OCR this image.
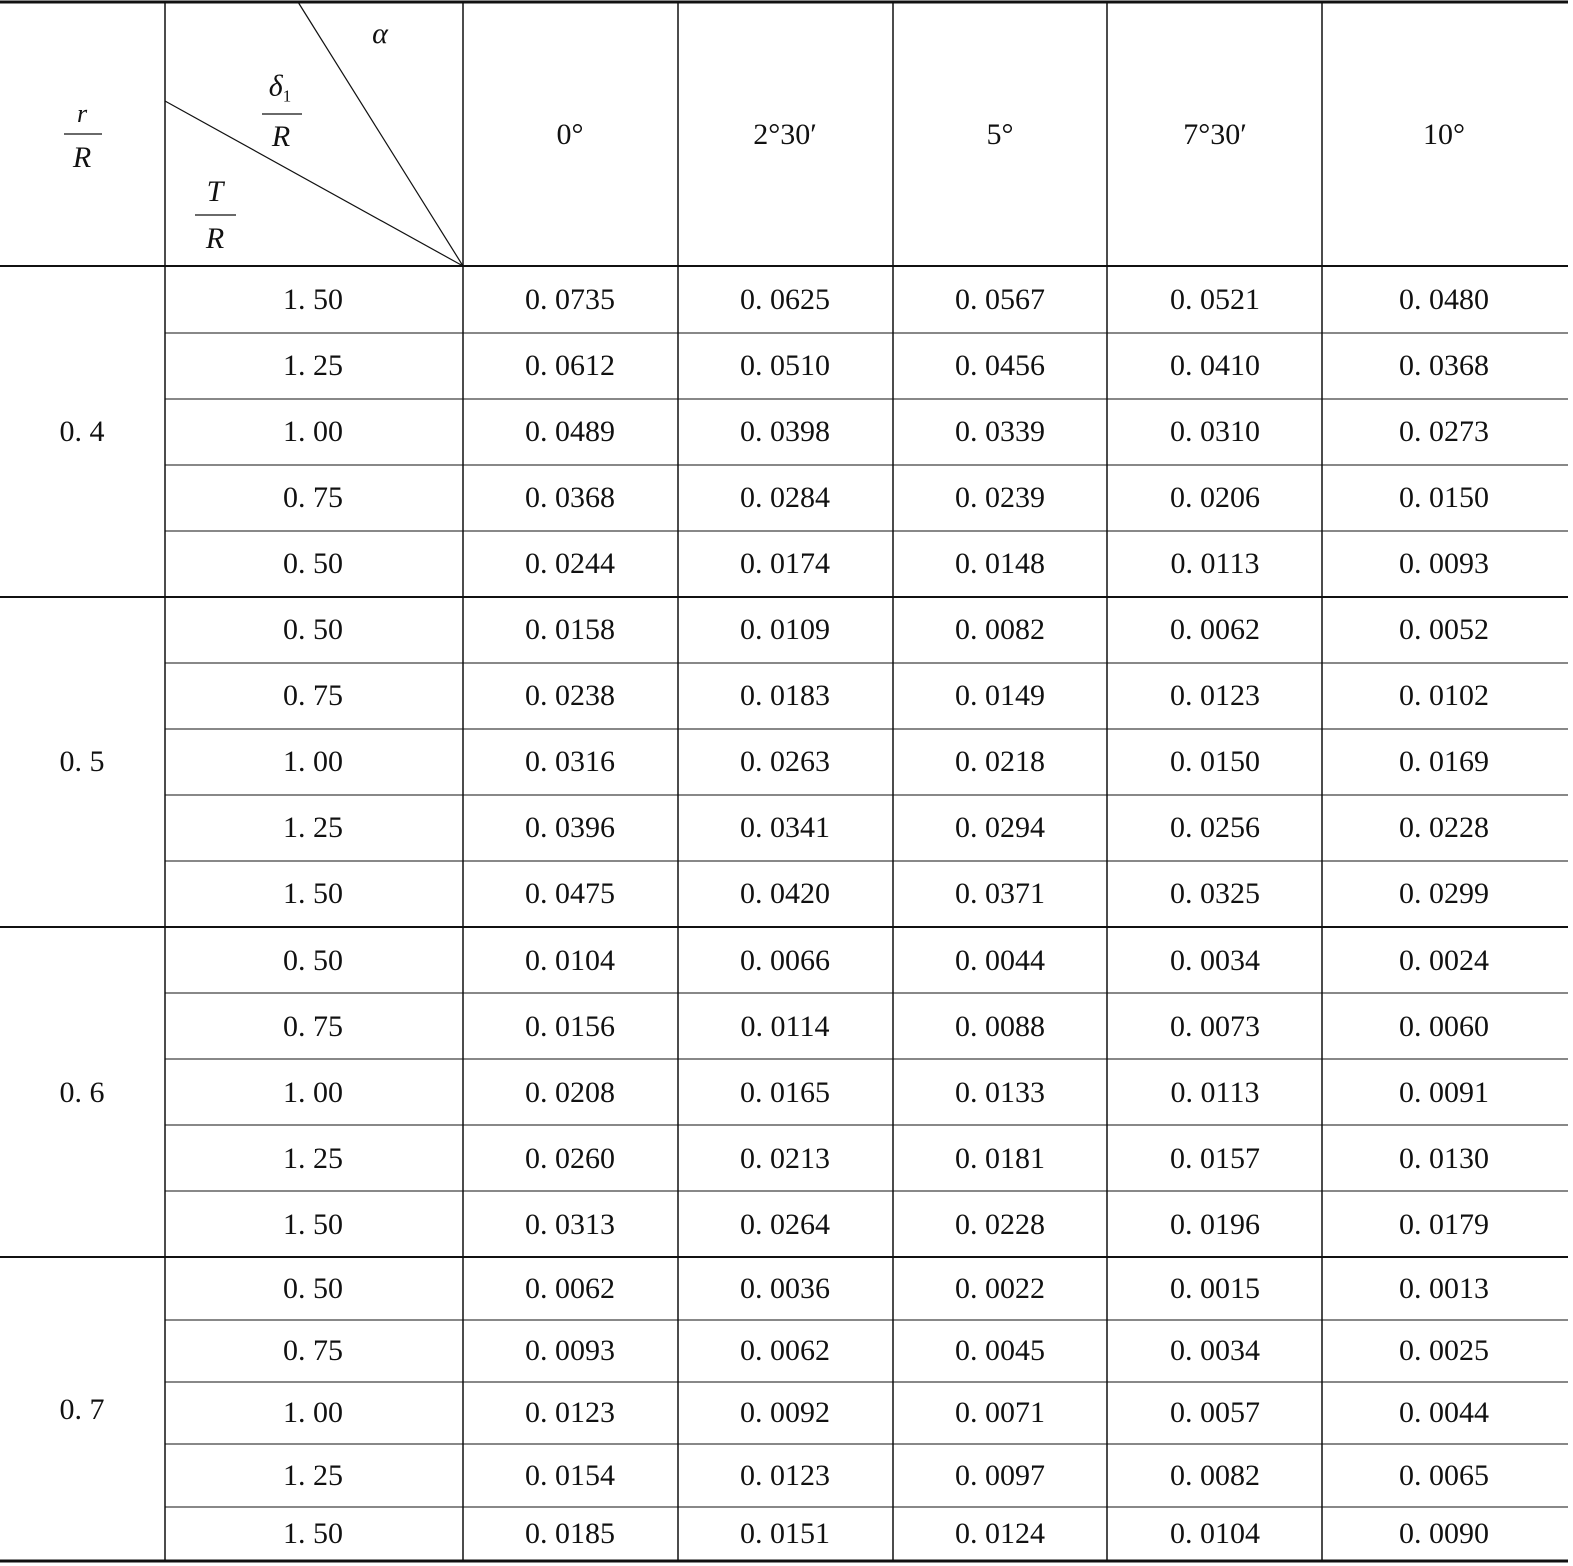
r
R
α
$\delta_1$
R
T
R
0°	2°30′	5°	7°30′	10°
0. 4
1. 50	0. 0735	0. 0625	0. 0567	0. 0521	0. 0480
1. 25	0. 0612	0. 0510	0. 0456	0. 0410	0. 0368
1. 00	0. 0489	0. 0398	0. 0339	0. 0310	0. 0273
0. 75	0. 0368	0. 0284	0. 0239	0. 0206	0. 0150
0. 50	0. 0244	0. 0174	0. 0148	0. 0113	0. 0093
0. 5
0. 50	0. 0158	0. 0109	0. 0082	0. 0062	0. 0052
0. 75	0. 0238	0. 0183	0. 0149	0. 0123	0. 0102
1. 00	0. 0316	0. 0263	0. 0218	0. 0150	0. 0169
1. 25	0. 0396	0. 0341	0. 0294	0. 0256	0. 0228
1. 50	0. 0475	0. 0420	0. 0371	0. 0325	0. 0299
0. 6
0. 50	0. 0104	0. 0066	0. 0044	0. 0034	0. 0024
0. 75	0. 0156	0. 0114	0. 0088	0. 0073	0. 0060
1. 00	0. 0208	0. 0165	0. 0133	0. 0113	0. 0091
1. 25	0. 0260	0. 0213	0. 0181	0. 0157	0. 0130
1. 50	0. 0313	0. 0264	0. 0228	0. 0196	0. 0179
0. 7
0. 50	0. 0062	0. 0036	0. 0022	0. 0015	0. 0013
0. 75	0. 0093	0. 0062	0. 0045	0. 0034	0. 0025
1. 00	0. 0123	0. 0092	0. 0071	0. 0057	0. 0044
1. 25	0. 0154	0. 0123	0. 0097	0. 0082	0. 0065
1. 50	0. 0185	0. 0151	0. 0124	0. 0104	0. 0090
